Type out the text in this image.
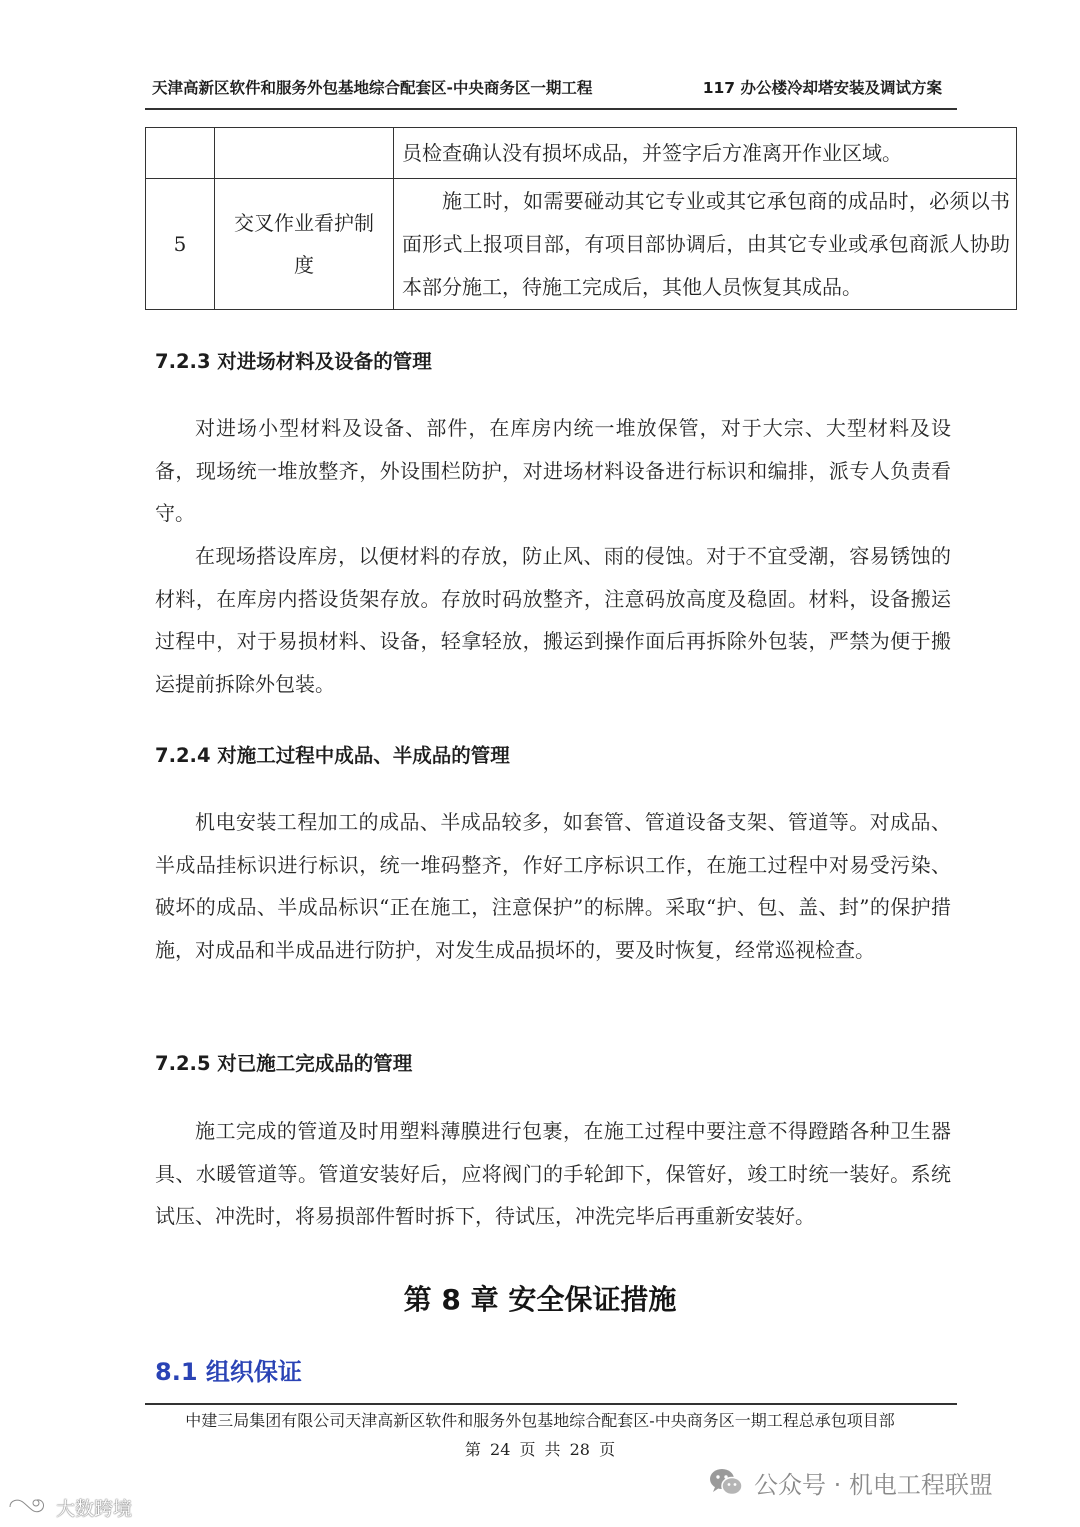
天津高新区软件和服务外包基地综合配套区-中央商务区一期工程	117 办公楼冷却塔安装及调试方案
		员检查确认没有损坏成品，并签字后方准离开作业区域。
5	交叉作业看护制度	施工时，如需要碰动其它专业或其它承包商的成品时，必须以书面形式上报项目部，有项目部协调后，由其它专业或承包商派人协助本部分施工，待施工完成后，其他人员恢复其成品。
7.2.3 对进场材料及设备的管理
对进场小型材料及设备、部件，在库房内统一堆放保管，对于大宗、大型材料及设备，现场统一堆放整齐，外设围栏防护，对进场材料设备进行标识和编排，派专人负责看守。
在现场搭设库房，以便材料的存放，防止风、雨的侵蚀。对于不宜受潮，容易锈蚀的材料，在库房内搭设货架存放。存放时码放整齐，注意码放高度及稳固。材料，设备搬运过程中，对于易损材料、设备，轻拿轻放，搬运到操作面后再拆除外包装，严禁为便于搬运提前拆除外包装。
7.2.4 对施工过程中成品、半成品的管理
机电安装工程加工的成品、半成品较多，如套管、管道设备支架、管道等。对成品、半成品挂标识进行标识，统一堆码整齐，作好工序标识工作，在施工过程中对易受污染、破坏的成品、半成品标识“正在施工，注意保护”的标牌。采取“护、包、盖、封”的保护措施，对成品和半成品进行防护，对发生成品损坏的，要及时恢复，经常巡视检查。
7.2.5 对已施工完成品的管理
施工完成的管道及时用塑料薄膜进行包裹，在施工过程中要注意不得蹬踏各种卫生器具、水暖管道等。管道安装好后，应将阀门的手轮卸下，保管好，竣工时统一装好。系统试压、冲洗时，将易损部件暂时拆下，待试压，冲洗完毕后再重新安装好。
第 8 章 安全保证措施
8.1 组织保证
中建三局集团有限公司天津高新区软件和服务外包基地综合配套区-中央商务区一期工程总承包项目部
第 24 页 共 28 页
公众号 · 机电工程联盟
大数跨境
